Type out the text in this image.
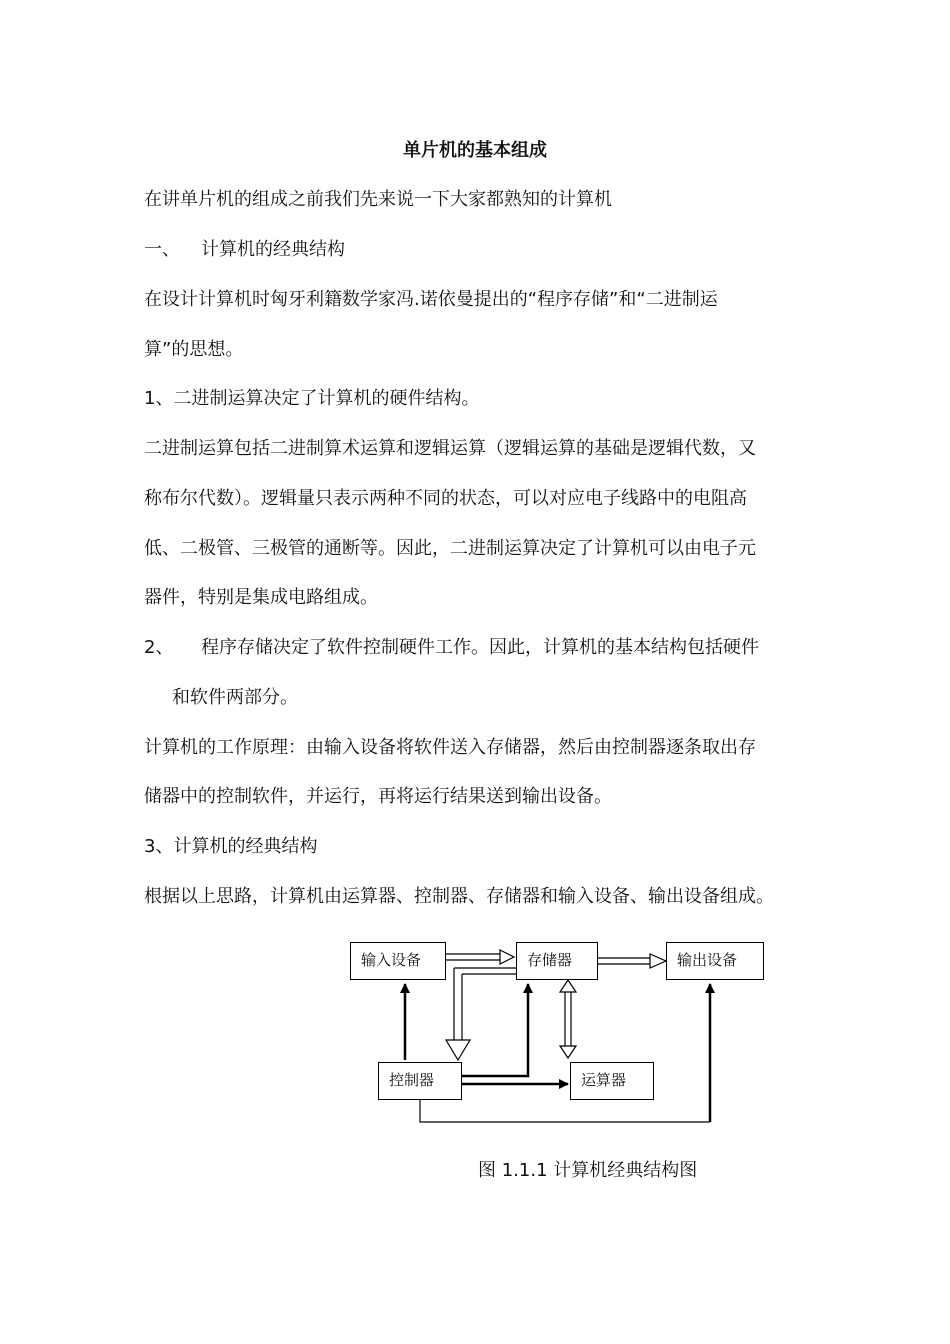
单片机的基本组成
在讲单片机的组成之前我们先来说一下大家都熟知的计算机
一、 计算机的经典结构
在设计计算机时匈牙利籍数学家冯.诺依曼提出的“程序存储”和“二进制运
算”的思想。
1、二进制运算决定了计算机的硬件结构。
二进制运算包括二进制算术运算和逻辑运算（逻辑运算的基础是逻辑代数，又
称布尔代数）。逻辑量只表示两种不同的状态，可以对应电子线路中的电阻高
低、二极管、三极管的通断等。因此，二进制运算决定了计算机可以由电子元
器件，特别是集成电路组成。
2、 程序存储决定了软件控制硬件工作。因此，计算机的基本结构包括硬件
和软件两部分。
计算机的工作原理：由输入设备将软件送入存储器，然后由控制器逐条取出存
储器中的控制软件，并运行，再将运行结果送到输出设备。
3、计算机的经典结构
根据以上思路，计算机由运算器、控制器、存储器和输入设备、输出设备组成。
输入设备	存储器	输出设备
控制器	运算器
图 1.1.1 计算机经典结构图
